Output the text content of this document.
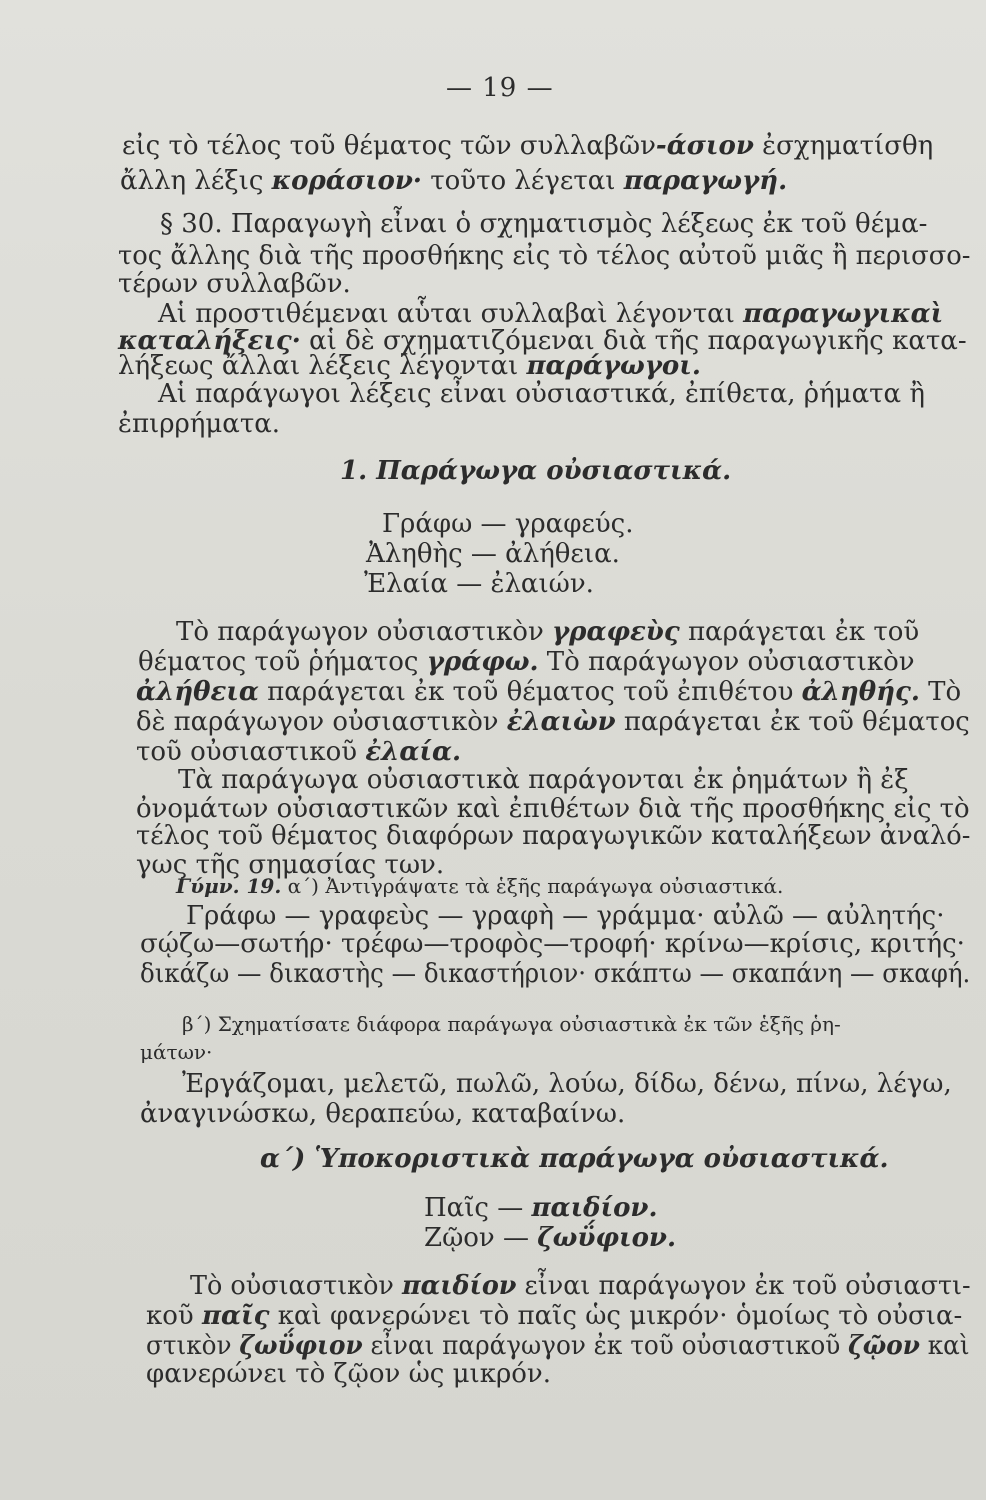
— 19 —
εἰς τὸ τέλος τοῦ θέματος τῶν συλλαβῶν-άσιον ἐσχηματίσθη
ἄλλη λέξις κοράσιον· τοῦτο λέγεται παραγωγή.
§ 30. Παραγωγὴ εἶναι ὁ σχηματισμὸς λέξεως ἐκ τοῦ θέμα-
τος ἄλλης διὰ τῆς προσθήκης εἰς τὸ τέλος αὐτοῦ μιᾶς ἢ περισσο-
τέρων συλλαβῶν.
Αἱ προστιθέμεναι αὗται συλλαβαὶ λέγονται παραγωγικαὶ
καταλήξεις· αἱ δὲ σχηματιζόμεναι διὰ τῆς παραγωγικῆς κατα-
λήξεως ἄλλαι λέξεις λέγονται παράγωγοι.
Αἱ παράγωγοι λέξεις εἶναι οὐσιαστικά, ἐπίθετα, ῥήματα ἢ
ἐπιρρήματα.
1. Παράγωγα οὐσιαστικά.
Γράφω — γραφεύς.
Ἀληθὴς — ἀλήθεια.
Ἐλαία — ἐλαιών.
Τὸ παράγωγον οὐσιαστικὸν γραφεὺς παράγεται ἐκ τοῦ
θέματος τοῦ ῥήματος γράφω. Τὸ παράγωγον οὐσιαστικὸν
ἀλήθεια παράγεται ἐκ τοῦ θέματος τοῦ ἐπιθέτου ἀληθής. Τὸ
δὲ παράγωγον οὐσιαστικὸν ἐλαιὼν παράγεται ἐκ τοῦ θέματος
τοῦ οὐσιαστικοῦ ἐλαία.
Τὰ παράγωγα οὐσιαστικὰ παράγονται ἐκ ῥημάτων ἢ ἐξ
ὀνομάτων οὐσιαστικῶν καὶ ἐπιθέτων διὰ τῆς προσθήκης εἰς τὸ
τέλος τοῦ θέματος διαφόρων παραγωγικῶν καταλήξεων ἀναλό-
γως τῆς σημασίας των.
Γύμν. 19. α΄) Ἀντιγράψατε τὰ ἑξῆς παράγωγα οὐσιαστικά.
Γράφω — γραφεὺς — γραφὴ — γράμμα· αὐλῶ — αὐλητής·
σῴζω—σωτήρ· τρέφω—τροφὸς—τροφή· κρίνω—κρίσις, κριτής·
δικάζω — δικαστὴς — δικαστήριον· σκάπτω — σκαπάνη — σκαφή.
β΄) Σχηματίσατε διάφορα παράγωγα οὐσιαστικὰ ἐκ τῶν ἑξῆς ῥη-
μάτων·
Ἐργάζομαι, μελετῶ, πωλῶ, λούω, δίδω, δένω, πίνω, λέγω,
ἀναγινώσκω, θεραπεύω, καταβαίνω.
α΄) Ὑποκοριστικὰ παράγωγα οὐσιαστικά.
Παῖς — παιδίον.
Ζῷον — ζωΰφιον.
Τὸ οὐσιαστικὸν παιδίον εἶναι παράγωγον ἐκ τοῦ οὐσιαστι-
κοῦ παῖς καὶ φανερώνει τὸ παῖς ὡς μικρόν· ὁμοίως τὸ οὐσια-
στικὸν ζωΰφιον εἶναι παράγωγον ἐκ τοῦ οὐσιαστικοῦ ζῷον καὶ
φανερώνει τὸ ζῷον ὡς μικρόν.
